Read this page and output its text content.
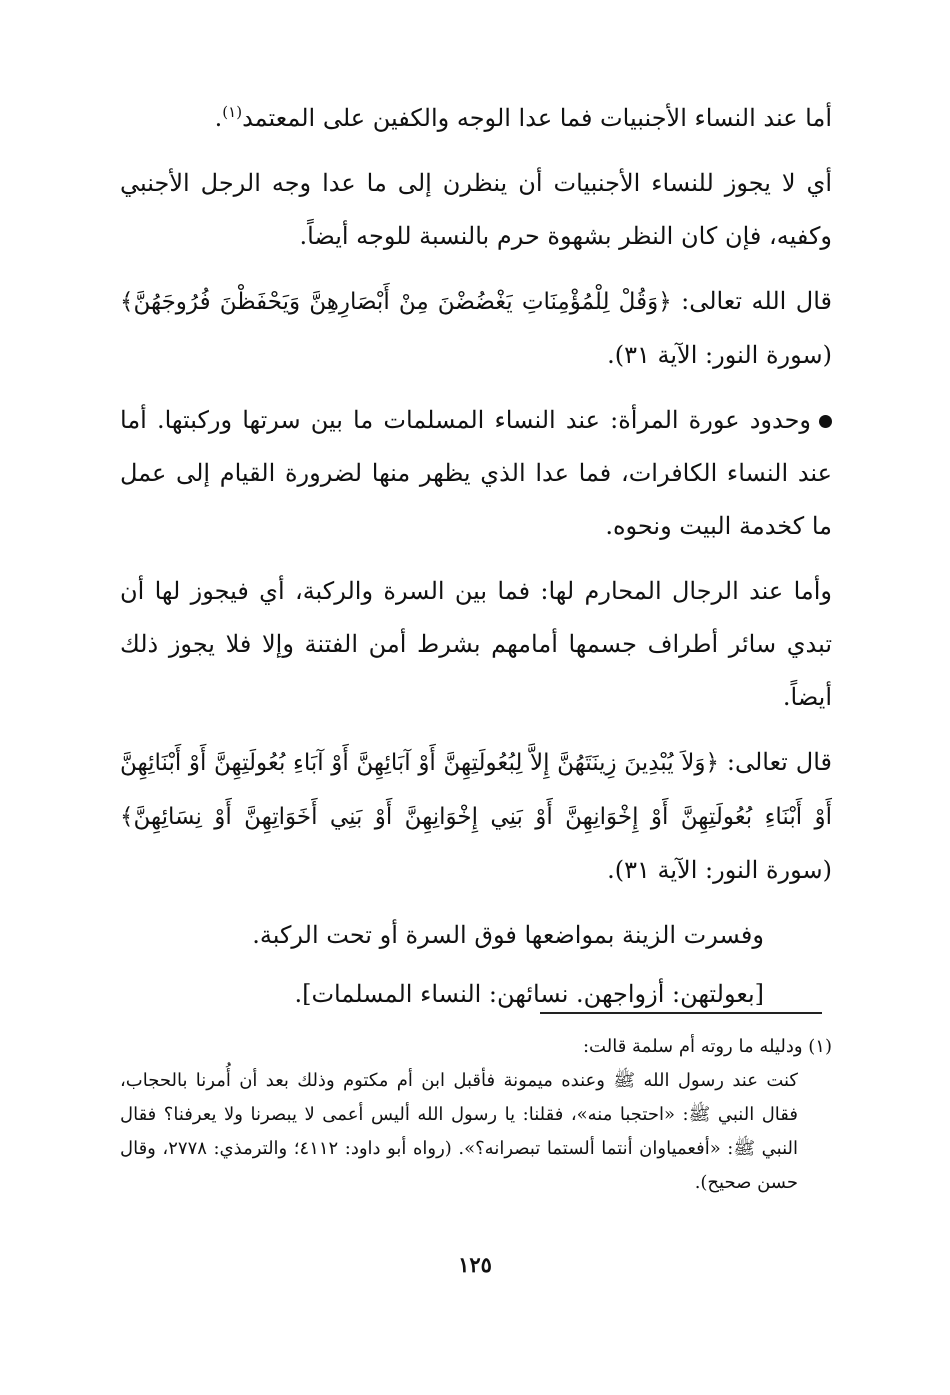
أما عند النساء الأجنبيات فما عدا الوجه والكفين على المعتمد$^{(١)}$.

أي لا يجوز للنساء الأجنبيات أن ينظرن إلى ما عدا وجه الرجل الأجنبي وكفيه، فإن كان النظر بشهوة حرم بالنسبة للوجه أيضاً.

قال الله تعالى: ﴿وَقُلْ لِلْمُؤْمِنَاتِ يَغْضُضْنَ مِنْ أَبْصَارِهِنَّ وَيَحْفَظْنَ فُرُوجَهُنَّ﴾ (سورة النور: الآية ٣١).

وحدود عورة المرأة: عند النساء المسلمات ما بين سرتها وركبتها. أما عند النساء الكافرات، فما عدا الذي يظهر منها لضرورة القيام إلى عمل ما كخدمة البيت ونحوه.

وأما عند الرجال المحارم لها: فما بين السرة والركبة، أي فيجوز لها أن تبدي سائر أطراف جسمها أمامهم بشرط أمن الفتنة وإلا فلا يجوز ذلك أيضاً.

قال تعالى: ﴿وَلاَ يُبْدِينَ زِينَتَهُنَّ إِلاَّ لِبُعُولَتِهِنَّ أَوْ آبَائِهِنَّ أَوْ آبَاءِ بُعُولَتِهِنَّ أَوْ أَبْنَائِهِنَّ أَوْ أَبْنَاءِ بُعُولَتِهِنَّ أَوْ إِخْوَانِهِنَّ أَوْ بَنِي إِخْوَانِهِنَّ أَوْ بَنِي أَخَوَاتِهِنَّ أَوْ نِسَائِهِنَّ﴾ (سورة النور: الآية ٣١).

وفسرت الزينة بمواضعها فوق السرة أو تحت الركبة.

[بعولتهن: أزواجهن. نسائهن: النساء المسلمات].

(١) ودليله ما روته أم سلمة قالت:

كنت عند رسول الله ﷺ وعنده ميمونة فأقبل ابن أم مكتوم وذلك بعد أن أُمرنا بالحجاب، فقال النبي ﷺ: «احتجبا منه»، فقلنا: يا رسول الله أليس أعمى لا يبصرنا ولا يعرفنا؟ فقال النبي ﷺ: «أفعمياوان أنتما ألستما تبصرانه؟». (رواه أبو داود: ٤١١٢؛ والترمذي: ٢٧٧٨، وقال حسن صحيح).

١٢٥
